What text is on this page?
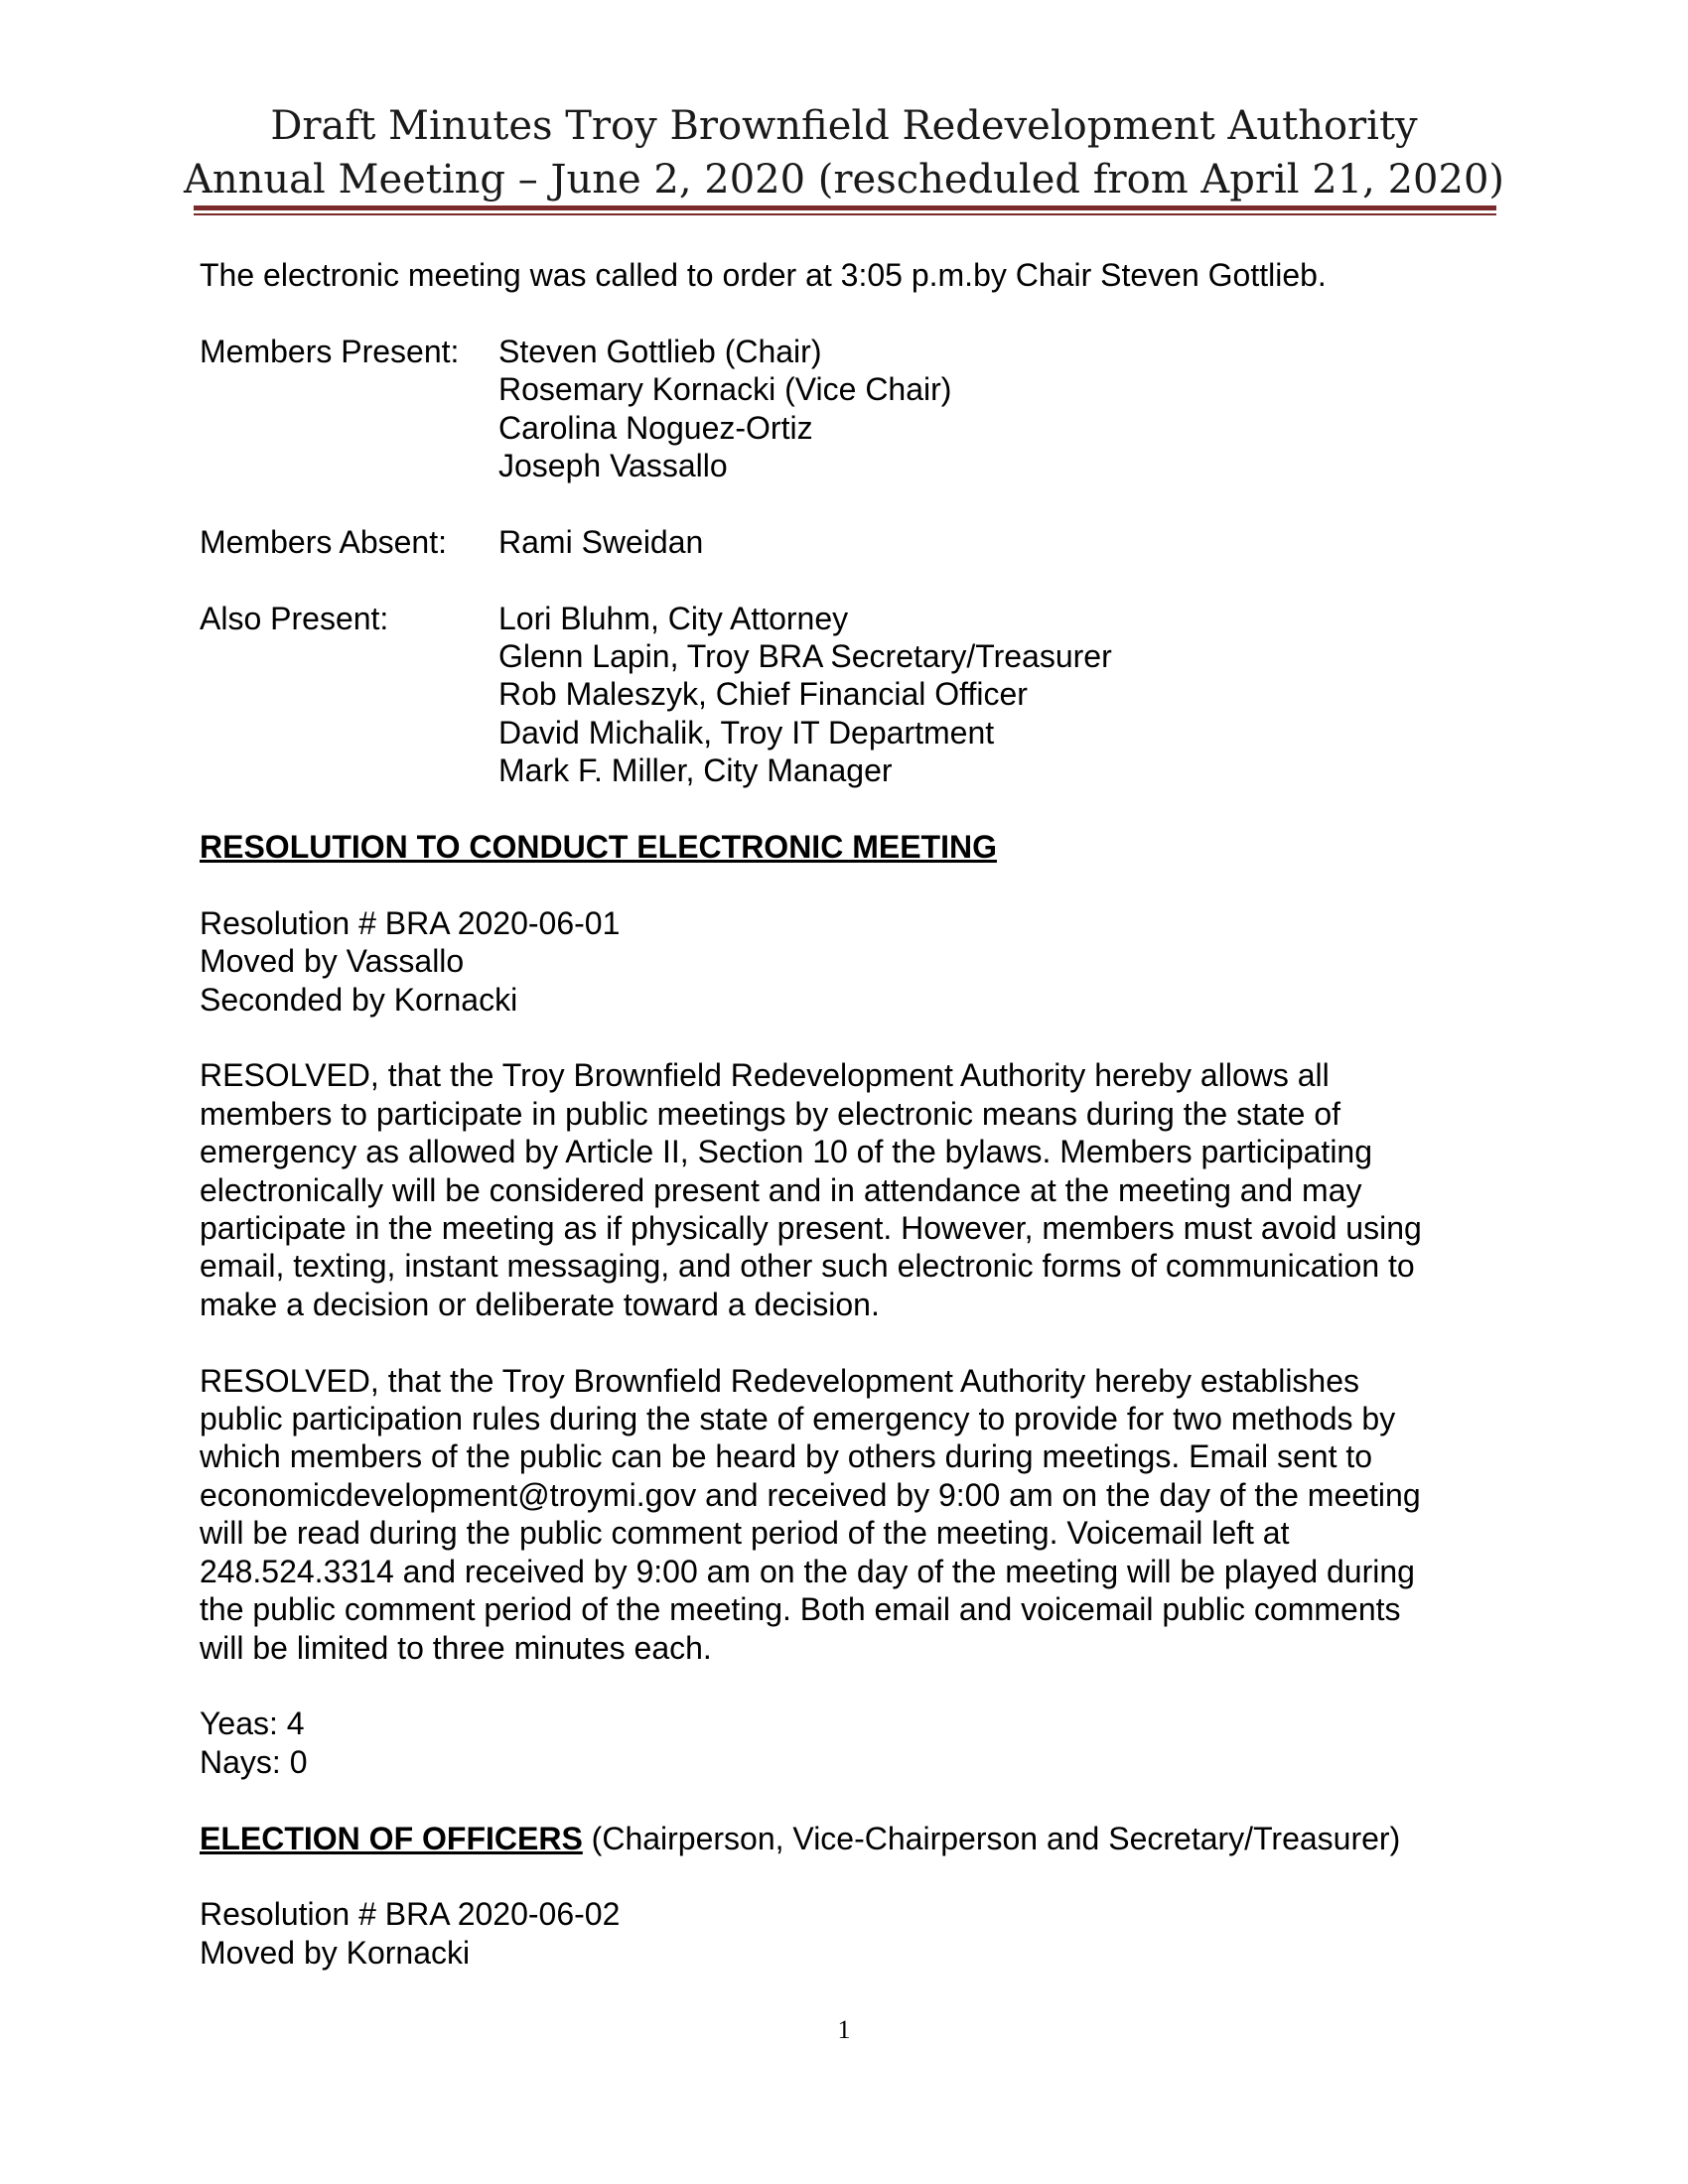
Draft Minutes Troy Brownfield Redevelopment Authority
Annual Meeting – June 2, 2020 (rescheduled from April 21, 2020)

The electronic meeting was called to order at 3:05 p.m.by Chair Steven Gottlieb.

Members Present:	Steven Gottlieb (Chair)
Rosemary Kornacki (Vice Chair)
Carolina Noguez-Ortiz
Joseph Vassallo
Members Absent:	Rami Sweidan
Also Present:	Lori Bluhm, City Attorney
Glenn Lapin, Troy BRA Secretary/Treasurer
Rob Maleszyk, Chief Financial Officer
David Michalik, Troy IT Department
Mark F. Miller, City Manager

RESOLUTION TO CONDUCT ELECTRONIC MEETING

Resolution # BRA 2020-06-01

Moved by Vassallo

Seconded by Kornacki

RESOLVED, that the Troy Brownfield Redevelopment Authority hereby allows all

members to participate in public meetings by electronic means during the state of

emergency as allowed by Article II, Section 10 of the bylaws. Members participating

electronically will be considered present and in attendance at the meeting and may

participate in the meeting as if physically present. However, members must avoid using

email, texting, instant messaging, and other such electronic forms of communication to

make a decision or deliberate toward a decision.

RESOLVED, that the Troy Brownfield Redevelopment Authority hereby establishes

public participation rules during the state of emergency to provide for two methods by

which members of the public can be heard by others during meetings. Email sent to

economicdevelopment@troymi.gov and received by 9:00 am on the day of the meeting

will be read during the public comment period of the meeting. Voicemail left at

248.524.3314 and received by 9:00 am on the day of the meeting will be played during

the public comment period of the meeting. Both email and voicemail public comments

will be limited to three minutes each.

Yeas: 4

Nays: 0

ELECTION OF OFFICERS (Chairperson, Vice-Chairperson and Secretary/Treasurer)

Resolution # BRA 2020-06-02

Moved by Kornacki

1
